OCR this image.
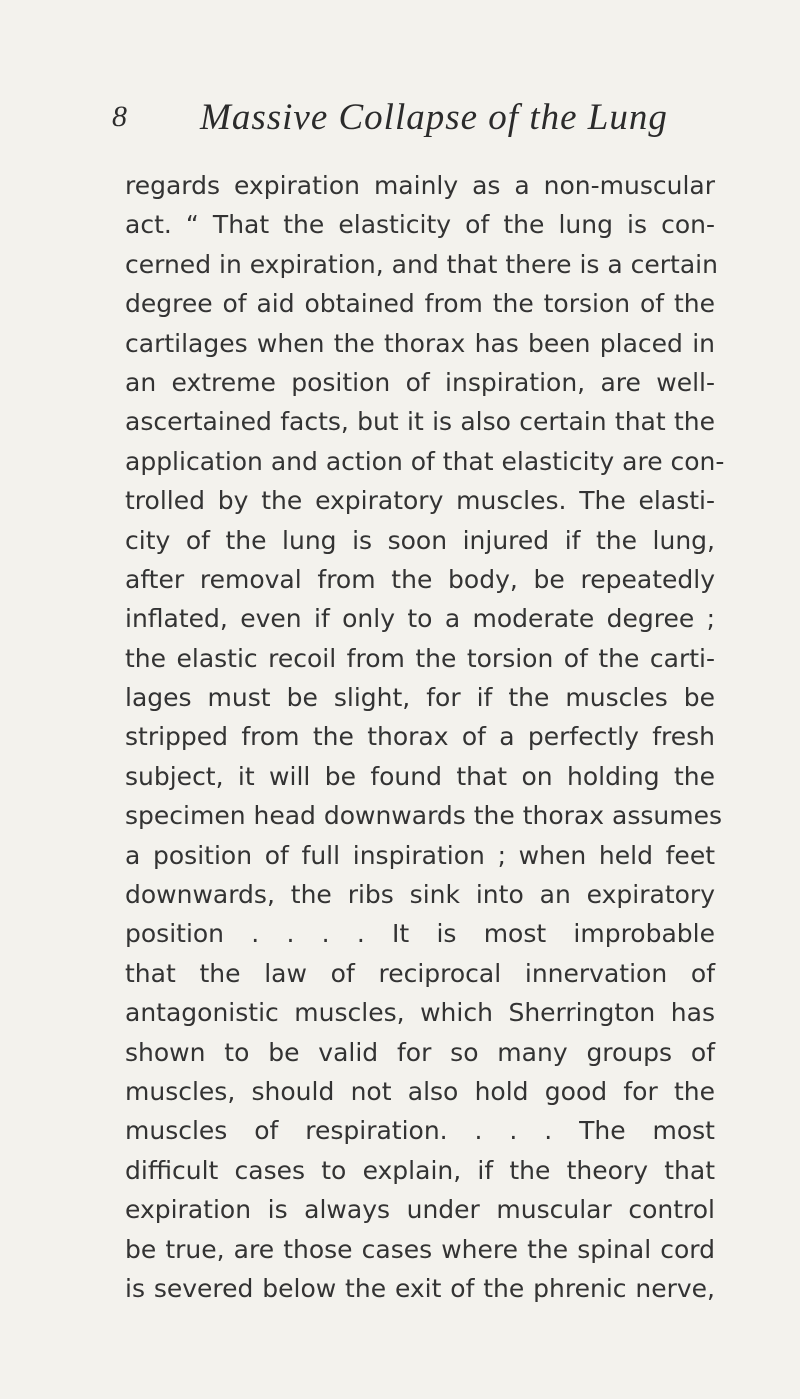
8 Massive Collapse of the Lung
regards expiration mainly as a non-muscular
act. “ That the elasticity of the lung is con-
cerned in expiration, and that there is a certain
degree of aid obtained from the torsion of the
cartilages when the thorax has been placed in
an extreme position of inspiration, are well-
ascertained facts, but it is also certain that the
application and action of that elasticity are con-
trolled by the expiratory muscles. The elasti-
city of the lung is soon injured if the lung,
after removal from the body, be repeatedly
inflated, even if only to a moderate degree ;
the elastic recoil from the torsion of the carti-
lages must be slight, for if the muscles be
stripped from the thorax of a perfectly fresh
subject, it will be found that on holding the
specimen head downwards the thorax assumes
a position of full inspiration ; when held feet
downwards, the ribs sink into an expiratory
position . . . . It is most improbable
that the law of reciprocal innervation of
antagonistic muscles, which Sherrington has
shown to be valid for so many groups of
muscles, should not also hold good for the
muscles of respiration. . . . The most
difficult cases to explain, if the theory that
expiration is always under muscular control
be true, are those cases where the spinal cord
is severed below the exit of the phrenic nerve,
